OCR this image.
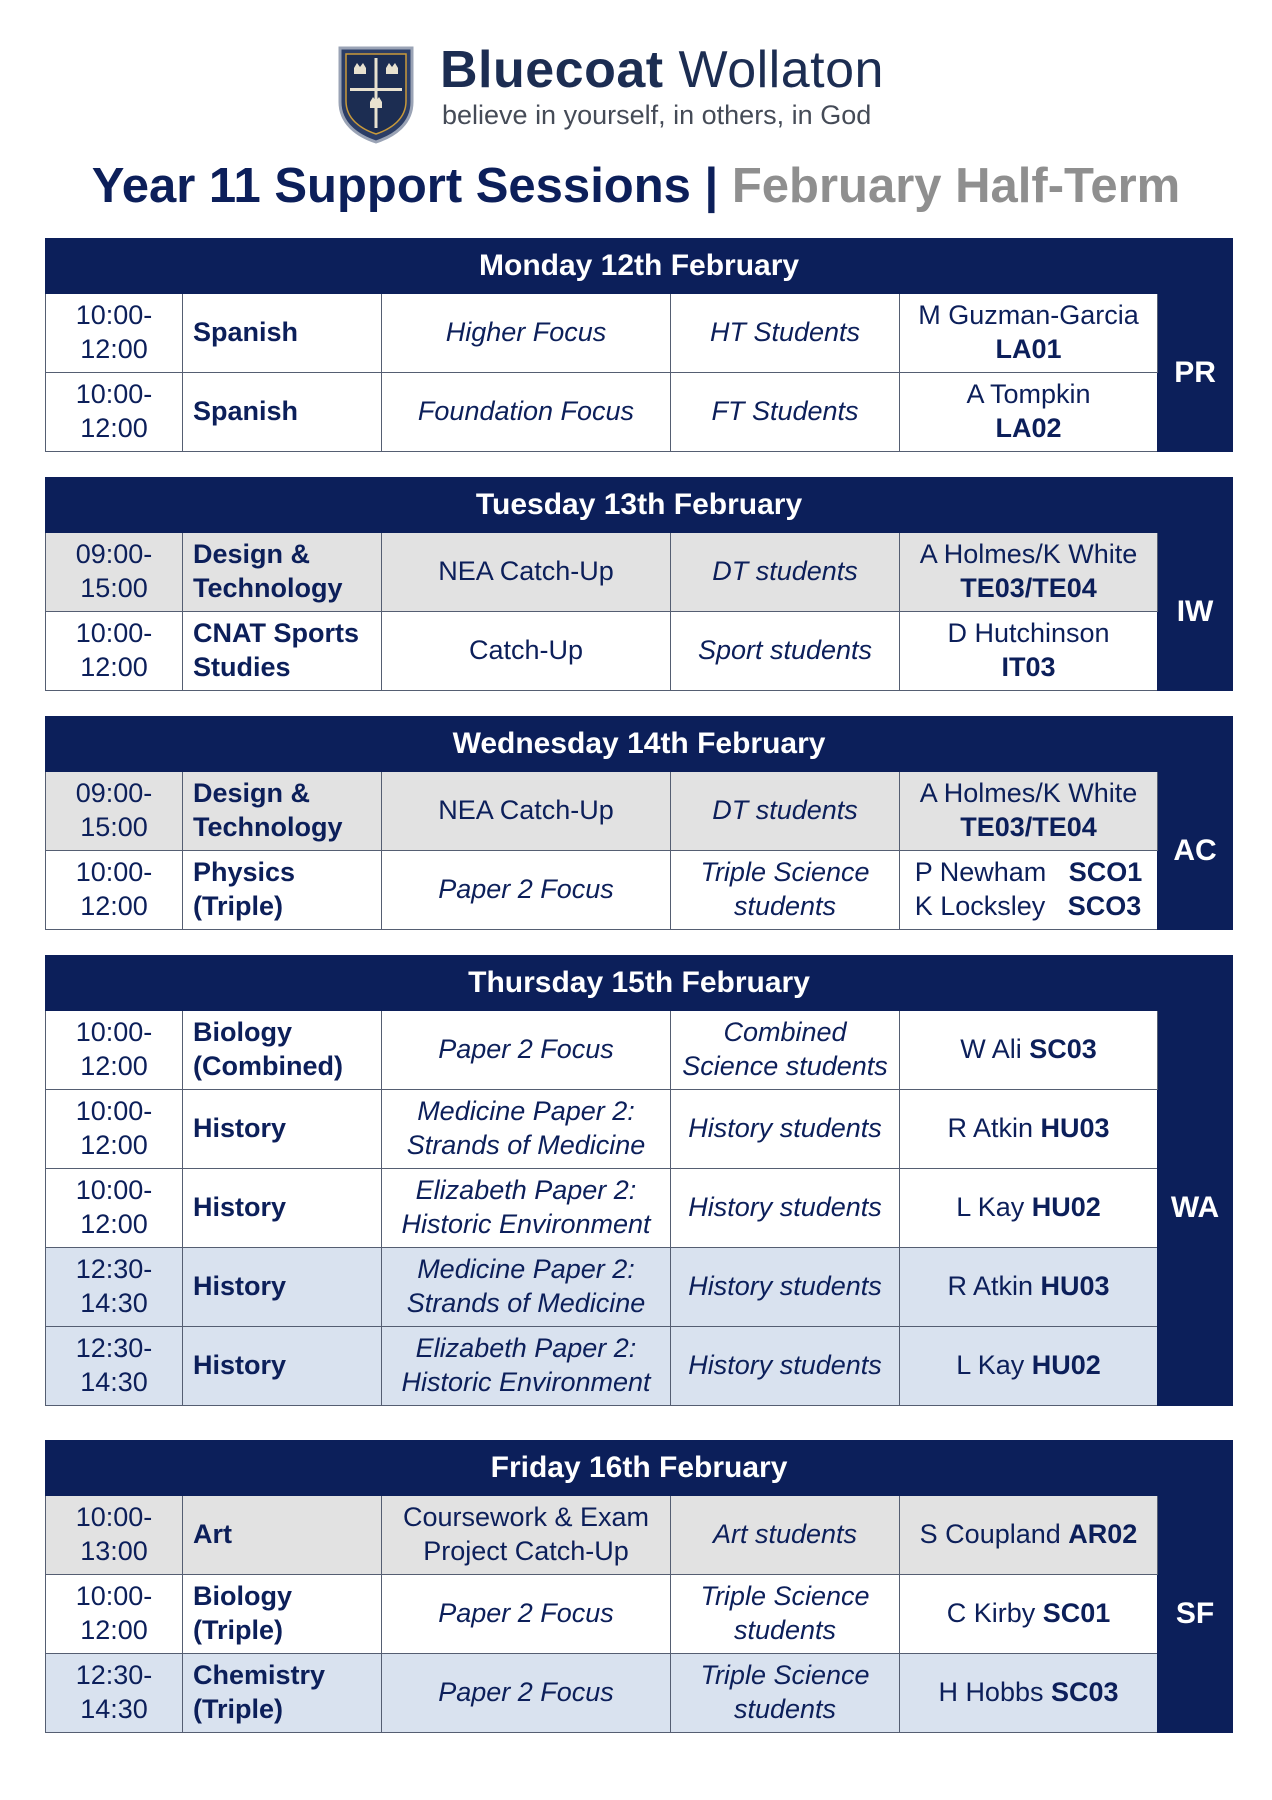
Bluecoat Wollaton
believe in yourself, in others, in God
Year 11 Support Sessions | February Half-Term
Monday 12th February					
10:00-
12:00	Spanish	Higher Focus	HT Students	M Guzman-Garcia
LA01	PR
10:00-
12:00	Spanish	Foundation Focus	FT Students	A Tompkin
LA02	
Tuesday 13th February					
09:00-
15:00	Design &
Technology	NEA Catch-Up	DT students	A Holmes/K White
TE03/TE04	IW
10:00-
12:00	CNAT Sports
Studies	Catch-Up	Sport students	D Hutchinson
IT03	
Wednesday 14th February					
09:00-
15:00	Design &
Technology	NEA Catch-Up	DT students	A Holmes/K White
TE03/TE04	AC
10:00-
12:00	Physics
(Triple)	Paper 2 Focus	Triple Science
students	P Newham   SCO1
K Locksley   SCO3	
Thursday 15th February					
10:00-
12:00	Biology
(Combined)	Paper 2 Focus	Combined
Science students	W Ali SC03	WA
10:00-
12:00	History	Medicine Paper 2:
Strands of Medicine	History students	R Atkin HU03	
10:00-
12:00	History	Elizabeth Paper 2:
Historic Environment	History students	L Kay HU02	
12:30-
14:30	History	Medicine Paper 2:
Strands of Medicine	History students	R Atkin HU03	
12:30-
14:30	History	Elizabeth Paper 2:
Historic Environment	History students	L Kay HU02	
Friday 16th February					
10:00-
13:00	Art	Coursework & Exam
Project Catch-Up	Art students	S Coupland AR02	SF
10:00-
12:00	Biology
(Triple)	Paper 2 Focus	Triple Science
students	C Kirby SC01	
12:30-
14:30	Chemistry
(Triple)	Paper 2 Focus	Triple Science
students	H Hobbs SC03	
